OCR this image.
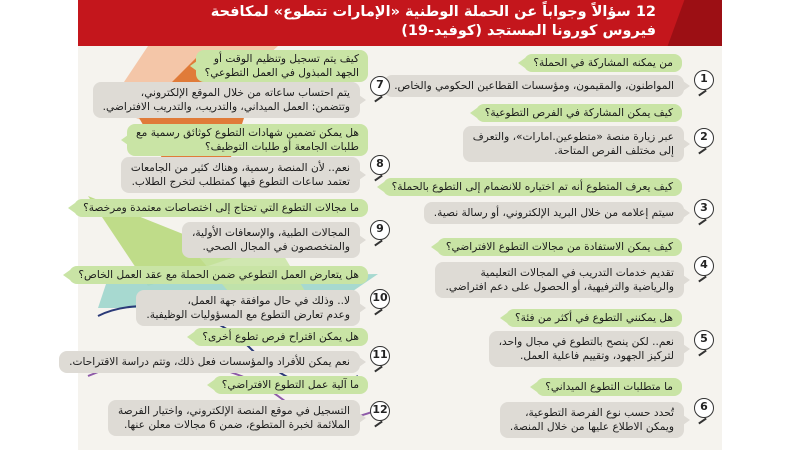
12 سؤالاً وجواباً عن الحملة الوطنية «الإمارات تتطوع» لمكافحة
فيروس كورونا المستجد (كوفيد-19)
1
من يمكنه المشاركة في الحملة؟
المواطنون، والمقيمون، ومؤسسات القطاعين الحكومي والخاص.
2
كيف يمكن المشاركة في الفرص التطوعية؟
عبر زيارة منصة «متطوعين.امارات»، والتعرف
إلى مختلف الفرص المتاحة.
3
كيف يعرف المتطوع أنه تم اختياره للانضمام إلى التطوع بالحملة؟
سيتم إعلامه من خلال البريد الإلكتروني، أو رسالة نصية.
4
كيف يمكن الاستفادة من مجالات التطوع الافتراضي؟
تقديم خدمات التدريب في المجالات التعليمية
والرياضية والترفيهية، أو الحصول على دعم افتراضي.
5
هل يمكنني التطوع في أكثر من فئة؟
نعم.. لكن ينصح بالتطوع في مجال واحد،
لتركيز الجهود، وتقييم فاعلية العمل.
6
ما متطلبات التطوع الميداني؟
تُحدد حسب نوع الفرصة التطوعية،
ويمكن الاطلاع عليها من خلال المنصة.
7
كيف يتم تسجيل وتنظيم الوقت أو
الجهد المبذول في العمل التطوعي؟
يتم احتساب ساعاته من خلال الموقع الإلكتروني،
وتتضمن: العمل الميداني، والتدريب، والتدريب الافتراضي.
8
هل يمكن تضمين شهادات التطوع كوثائق رسمية مع
طلبات الجامعة أو طلبات التوظيف؟
نعم.. لأن المنصة رسمية، وهناك كثير من الجامعات
تعتمد ساعات التطوع فيها كمتطلب لتخرج الطلاب.
9
ما مجالات التطوع التي تحتاج إلى اختصاصات معتمدة ومرخصة؟
المجالات الطبية، والإسعافات الأولية،
والمتخصصون في المجال الصحي.
10
هل يتعارض العمل التطوعي ضمن الحملة مع عقد العمل الخاص؟
لا.. وذلك في حال موافقة جهة العمل،
وعدم تعارض التطوع مع المسؤوليات الوظيفية.
11
هل يمكن اقتراح فرص تطوع أخرى؟
نعم يمكن للأفراد والمؤسسات فعل ذلك، وتتم دراسة الاقتراحات.
12
ما آلية عمل التطوع الافتراضي؟
التسجيل في موقع المنصة الإلكتروني، واختيار الفرصة
الملائمة لخبرة المتطوع، ضمن 6 مجالات معلن عنها.
